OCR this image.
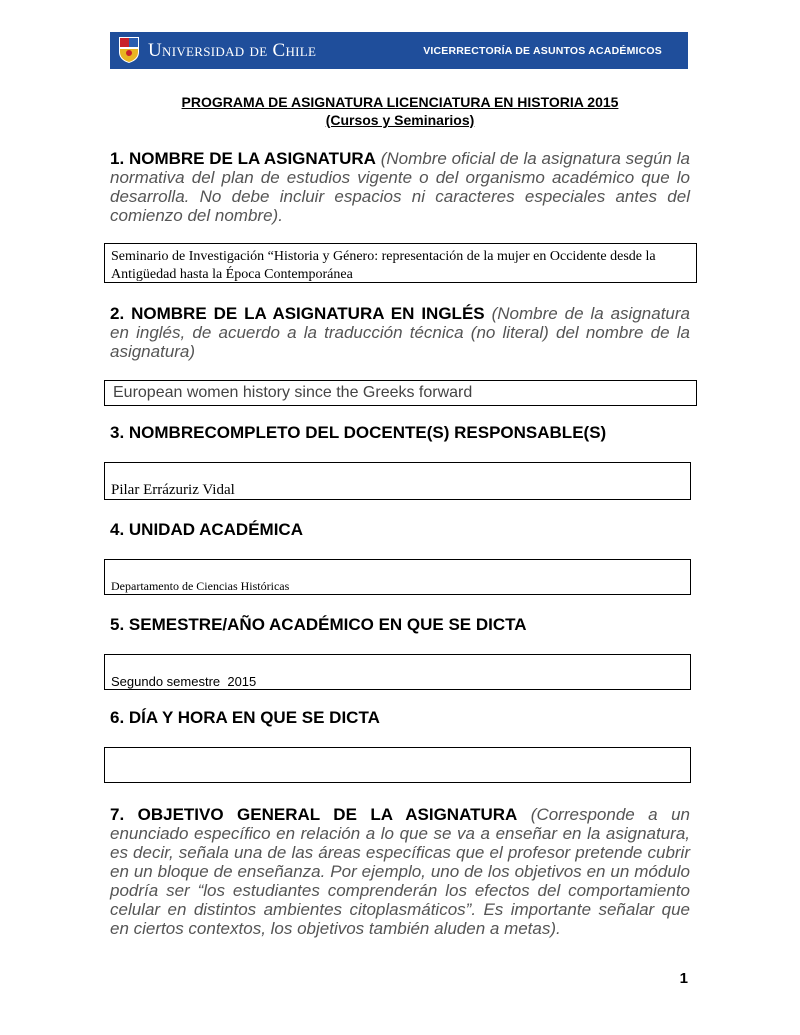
Universidad de Chile	VICERRECTORÍA DE ASUNTOS ACADÉMICOS
PROGRAMA DE ASIGNATURA LICENCIATURA EN HISTORIA 2015
(Cursos y Seminarios)
1. NOMBRE DE LA ASIGNATURA (Nombre oficial de la asignatura según la normativa del plan de estudios vigente o del organismo académico que lo desarrolla. No debe incluir espacios ni caracteres especiales antes del comienzo del nombre).
Seminario de Investigación “Historia y Género: representación de la mujer en Occidente desde la Antigüedad hasta la Época Contemporánea
2. NOMBRE DE LA ASIGNATURA EN INGLÉS (Nombre de la asignatura en inglés, de acuerdo a la traducción técnica (no literal) del nombre de la asignatura)
European women history since the Greeks forward
3. NOMBRECOMPLETO DEL DOCENTE(S) RESPONSABLE(S)
Pilar Errázuriz Vidal
4. UNIDAD ACADÉMICA
Departamento de Ciencias Históricas
5. SEMESTRE/AÑO ACADÉMICO EN QUE SE DICTA
Segundo semestre  2015
6. DÍA Y HORA EN QUE SE DICTA
7. OBJETIVO GENERAL DE LA ASIGNATURA (Corresponde a un enunciado específico en relación a lo que se va a enseñar en la asignatura, es decir, señala una de las áreas específicas que el profesor pretende cubrir en un bloque de enseñanza. Por ejemplo, uno de los objetivos en un módulo podría ser “los estudiantes comprenderán los efectos del comportamiento celular en distintos ambientes citoplasmáticos”. Es importante señalar que en ciertos contextos, los objetivos también aluden a metas).
1
